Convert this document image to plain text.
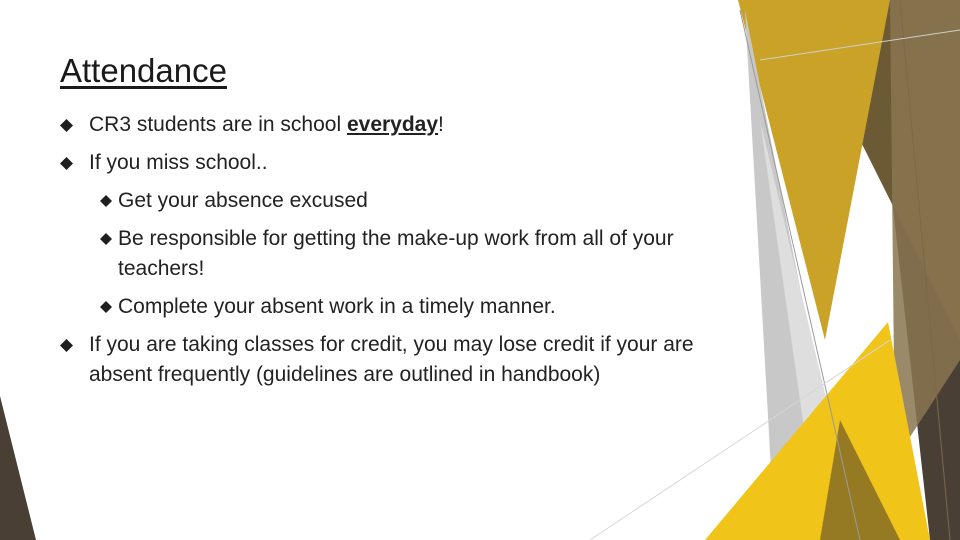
Attendance
CR3 students are in school everyday!
If you miss school..
Get your absence excused
Be responsible for getting the make-up work from all of your teachers!
Complete your absent work in a timely manner.
If you are taking classes for credit, you may lose credit if your are absent frequently (guidelines are outlined in handbook)
